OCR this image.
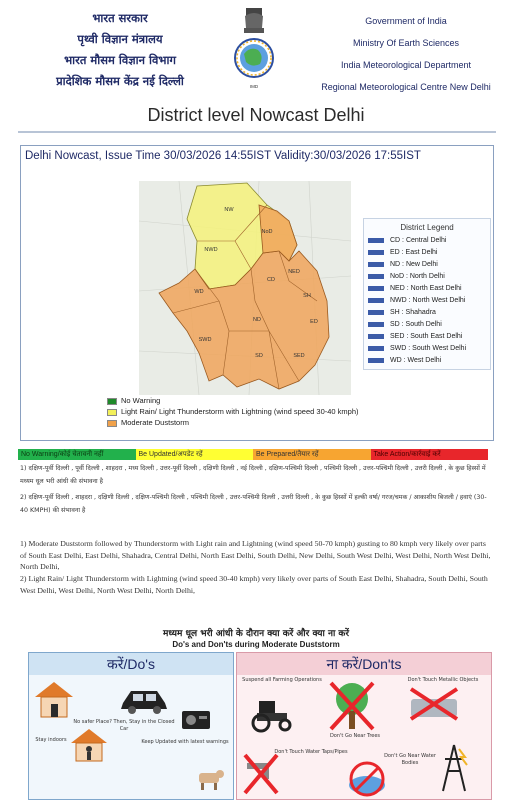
भारत सरकार
पृथ्वी विज्ञान मंत्रालय
भारत मौसम विज्ञान विभाग
प्रादेशिक मौसम केंद्र नई दिल्ली	IMD
Government of India
Ministry Of Earth Sciences
India Meteorological Department
Regional Meteorological Centre New Delhi
District level Nowcast Delhi
Delhi Nowcast, Issue Time 30/03/2026 14:55IST Validity:30/03/2026 17:55IST
NW
NWD
NoD
NED
SH
WD
ND
CD
ED
SWD
SD	SED
District Legend
CD : Central Delhi
ED : East Delhi
ND : New Delhi
NoD : North Delhi
NED : North East Delhi
NWD : North West Delhi
SH : Shahadra
SD : South Delhi
SED : South East Delhi
SWD : South West Delhi
WD : West Delhi
No Warning
Light Rain/ Light Thunderstorm with Lightning (wind speed 30-40 kmph)
Moderate Duststorm
No Warning/कोई चेतावनी नहीं	Be Updated/अपडेट रहें	Be Prepared/तैयार रहें	Take Action/कार्रवाई करें

1) दक्षिण-पूर्वी दिल्ली , पूर्वी दिल्ली , शाहदरा , मध्य दिल्ली , उत्तर-पूर्वी दिल्ली , दक्षिणी दिल्ली , नई दिल्ली , दक्षिण-पश्चिमी दिल्ली , पश्चिमी दिल्ली , उत्तर-पश्चिमी दिल्ली , उत्तरी दिल्ली , के कुछ हिस्सों में मध्यम धूल भरी आंधी की संभावना है

2) दक्षिण-पूर्वी दिल्ली , शाहदरा , दक्षिणी दिल्ली , दक्षिण-पश्चिमी दिल्ली , पश्चिमी दिल्ली , उत्तर-पश्चिमी दिल्ली , उत्तरी दिल्ली , के कुछ हिस्सों में हल्की वर्षा/ गरज/चमक / आकाशीय बिजली / हवाएं (30-40 KMPH) की संभावना है

1) Moderate Duststorm followed by Thunderstorm with Light rain and Lightning (wind speed 50-70 kmph) gusting to 80 kmph very likely over parts of South East Delhi, East Delhi, Shahadra, Central Delhi, North East Delhi, South Delhi, New Delhi, South West Delhi, West Delhi, North West Delhi, North Delhi,

2) Light Rain/ Light Thunderstorm with Lightning (wind speed 30-40 kmph) very likely over parts of South East Delhi, Shahadra, South Delhi, South West Delhi, West Delhi, North West Delhi, North Delhi,

मध्यम धूल भरी आंधी के दौरान क्या करें और क्या ना करें
Do's and Don'ts during Moderate Duststorm
करें/Do's
No safer Place? Then, Stay in the Closed Car
Stay indoors	Keep Updated with latest warnings
ना करें/Don'ts
Suspend all Farming Operations	Don't Touch Metallic Objects
Don't Go Near Trees
Don't Touch Water Taps/Pipes
Don't Go Near Water Bodies
